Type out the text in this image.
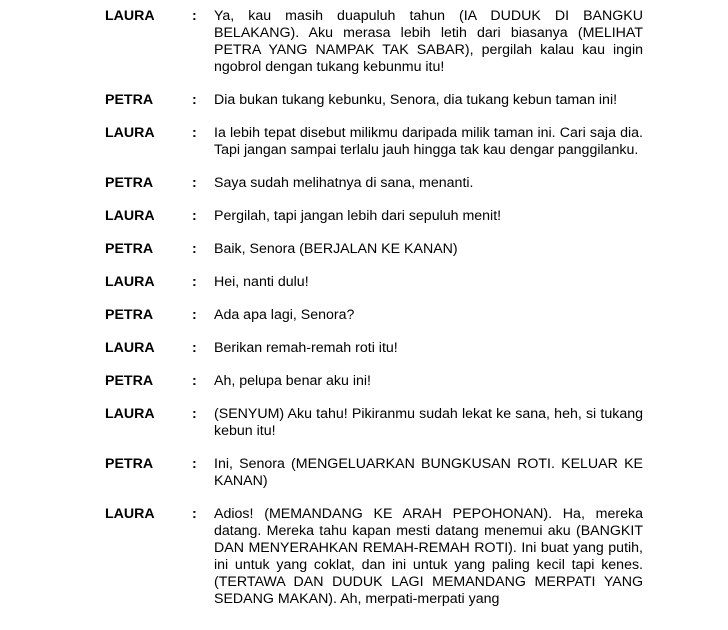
LAURA	:	Ya, kau masih duapuluh tahun (IA DUDUK DI BANGKU BELAKANG). Aku merasa lebih letih dari biasanya (MELIHAT PETRA YANG NAMPAK TAK SABAR), pergilah kalau kau ingin ngobrol dengan tukang kebunmu itu!
PETRA	:	Dia bukan tukang kebunku, Senora, dia tukang kebun taman ini!
LAURA	:	Ia lebih tepat disebut milikmu daripada milik taman ini. Cari saja dia. Tapi jangan sampai terlalu jauh hingga tak kau dengar panggilanku.
PETRA	:	Saya sudah melihatnya di sana, menanti.
LAURA	:	Pergilah, tapi jangan lebih dari sepuluh menit!
PETRA	:	Baik, Senora (BERJALAN KE KANAN)
LAURA	:	Hei, nanti dulu!
PETRA	:	Ada apa lagi, Senora?
LAURA	:	Berikan remah-remah roti itu!
PETRA	:	Ah, pelupa benar aku ini!
LAURA	:	(SENYUM) Aku tahu! Pikiranmu sudah lekat ke sana, heh, si tukang kebun itu!
PETRA	:	Ini, Senora (MENGELUARKAN BUNGKUSAN ROTI. KELUAR KE KANAN)
LAURA	:	Adios! (MEMANDANG KE ARAH PEPOHONAN). Ha, mereka datang. Mereka tahu kapan mesti datang menemui aku (BANGKIT DAN MENYERAHKAN REMAH-REMAH ROTI). Ini buat yang putih, ini untuk yang coklat, dan ini untuk yang paling kecil tapi kenes. (TERTAWA DAN DUDUK LAGI MEMANDANG MERPATI YANG SEDANG MAKAN). Ah, merpati-merpati yang
